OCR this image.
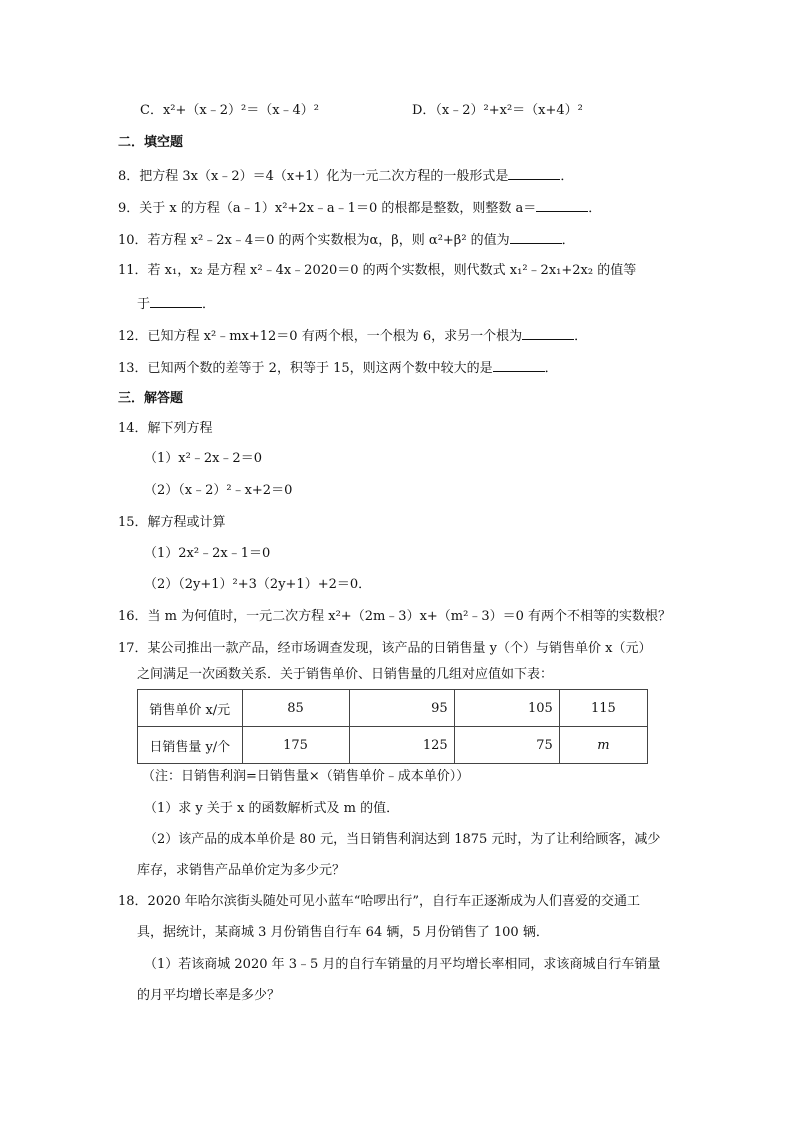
C．x²+（x﹣2）²＝（x﹣4）²	D．（x﹣2）²+x²＝（x+4）²
二．填空题
8．把方程 3x（x﹣2）＝4（x+1）化为一元二次方程的一般形式是	．
9．关于 x 的方程（a﹣1）x²+2x﹣a﹣1＝0 的根都是整数，则整数 a＝	．
10．若方程 x²﹣2x﹣4＝0 的两个实数根为α，β，则 α²+β² 的值为	．
11．若 x₁，x₂ 是方程 x²﹣4x﹣2020＝0 的两个实数根，则代数式 x₁²﹣2x₁+2x₂ 的值等
于	．
12．已知方程 x²﹣mx+12＝0 有两个根，一个根为 6，求另一个根为	．
13．已知两个数的差等于 2，积等于 15，则这两个数中较大的是	．
三．解答题
14．解下列方程
（1）x²﹣2x﹣2＝0
（2）（x﹣2）²﹣x+2＝0
15．解方程或计算
（1）2x²﹣2x﹣1＝0
（2）（2y+1）²+3（2y+1）+2＝0．
16．当 m 为何值时，一元二次方程 x²+（2m﹣3）x+（m²﹣3）＝0 有两个不相等的实数根？
17．某公司推出一款产品，经市场调查发现，该产品的日销售量 y（个）与销售单价 x（元）
之间满足一次函数关系．关于销售单价、日销售量的几组对应值如下表：
销售单价 x/元	85	95	105	115
日销售量 y/个	175	125	75	m
（注：日销售利润=日销售量×（销售单价﹣成本单价））
（1）求 y 关于 x 的函数解析式及 m 的值．
（2）该产品的成本单价是 80 元，当日销售利润达到 1875 元时，为了让利给顾客，减少
库存，求销售产品单价定为多少元？
18．2020 年哈尔滨街头随处可见小蓝车“哈啰出行”，自行车正逐渐成为人们喜爱的交通工
具，据统计，某商城 3 月份销售自行车 64 辆，5 月份销售了 100 辆．
（1）若该商城 2020 年 3﹣5 月的自行车销量的月平均增长率相同，求该商城自行车销量
的月平均增长率是多少？
